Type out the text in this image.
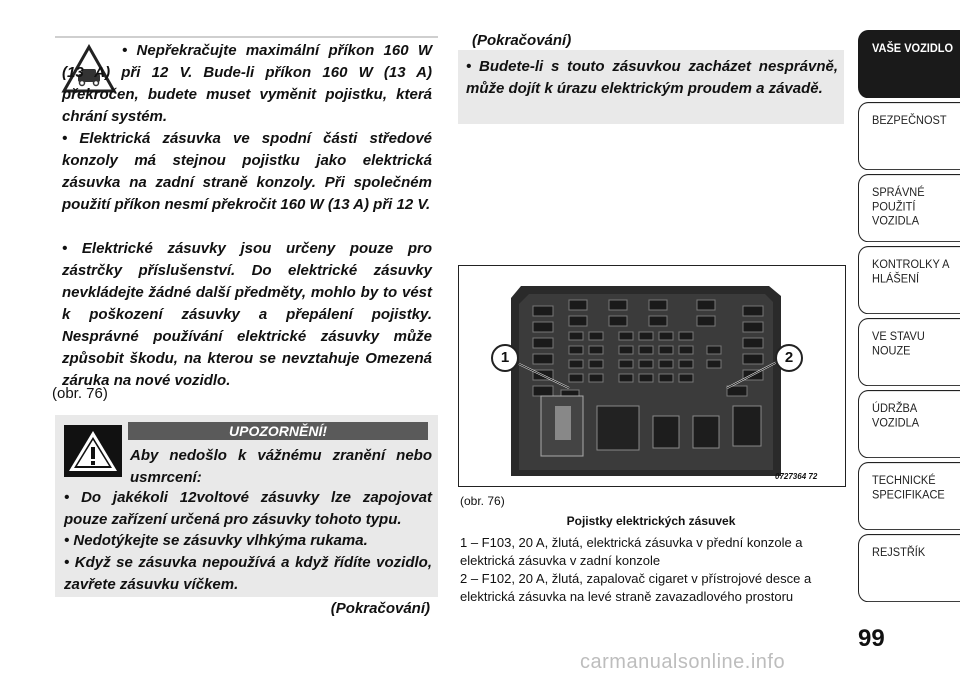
• Nepřekračujte maximální příkon 160 W (13 A) při 12 V. Bude-li příkon 160 W (13 A) překročen, budete muset vyměnit pojistku, která chrání systém.

• Elektrická zásuvka ve spodní části středové konzoly má stejnou pojistku jako elektrická zásuvka na zadní straně konzoly. Při společném použití příkon nesmí překročit 160 W (13 A) při 12 V.

• Elektrické zásuvky jsou určeny pouze pro zástrčky příslušenství. Do elektrické zásuvky nevkládejte žádné další předměty, mohlo by to vést k poškození zásuvky a přepálení pojistky. Nesprávné používání elektrické zásuvky může způsobit škodu, na kterou se nevztahuje Omezená záruka na nové vozidlo.

(obr. 76)
UPOZORNĚNÍ!

Aby nedošlo k vážnému zranění nebo usmrcení:

• Do jakékoli 12voltové zásuvky lze zapojovat pouze zařízení určená pro zásuvky tohoto typu.

• Nedotýkejte se zásuvky vlhkýma rukama.

• Když se zásuvka nepoužívá a když řídíte vozidlo, zavřete zásuvku víčkem.

(Pokračování)
(Pokračování)

• Budete-li s touto zásuvkou zacházet nesprávně, může dojít k úrazu elektrickým proudem a závadě.

1	2
0727364 72
(obr. 76)
Pojistky elektrických zásuvek

1 – F103, 20 A, žlutá, elektrická zásuvka v přední konzole a elektrická zásuvka v zadní konzole

2 – F102, 20 A, žlutá, zapalovač cigaret v přístrojové desce a elektrická zásuvka na levé straně zavazadlového prostoru

VAŠE VOZIDLO
BEZPEČNOST
SPRÁVNÉ POUŽITÍ VOZIDLA
KONTROLKY A HLÁŠENÍ
VE STAVU NOUZE
ÚDRŽBA VOZIDLA
TECHNICKÉ SPECIFIKACE
REJSTŘÍK
99
carmanualsonline.info
